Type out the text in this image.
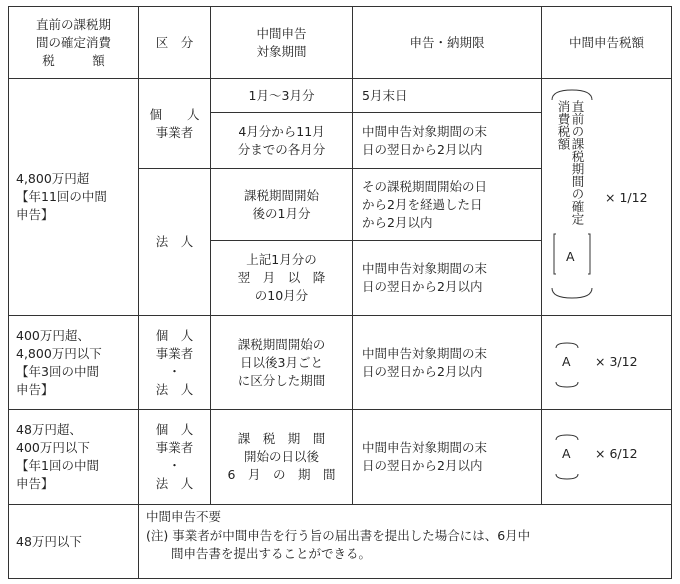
直前の課税期
間の確定消費
税　　　額
区　分
中間申告
対象期間
申告・納期限	中間申告税額
4,800万円超
【年11回の中間
申告】
個　　人
事業者
法　人
1月～3月分	5月末日
4月分から11月
分までの各月分
中間申告対象期間の末
日の翌日から2月以内
課税期間開始
後の1月分
その課税期間開始の日
から2月を経過した日
から2月以内
上記1月分の
翌　月　以　降
の10月分
中間申告対象期間の末
日の翌日から2月以内
直前の課税期間の確定消費税額
A
× 1/12
400万円超、
4,800万円以下
【年3回の中間
申告】
個　人
事業者
・
法　人
課税期間開始の
日以後3月ごと
に区分した期間
中間申告対象期間の末
日の翌日から2月以内
A × 3/12
48万円超、
400万円以下
【年1回の中間
申告】
個　人
事業者
・
法　人
課　税　期　間
開始の日以後
6　月　の　期　間
中間申告対象期間の末
日の翌日から2月以内
A × 6/12
48万円以下
中間申告不要
(注) 事業者が中間申告を行う旨の届出書を提出した場合には、6月中
　　間申告書を提出することができる。
